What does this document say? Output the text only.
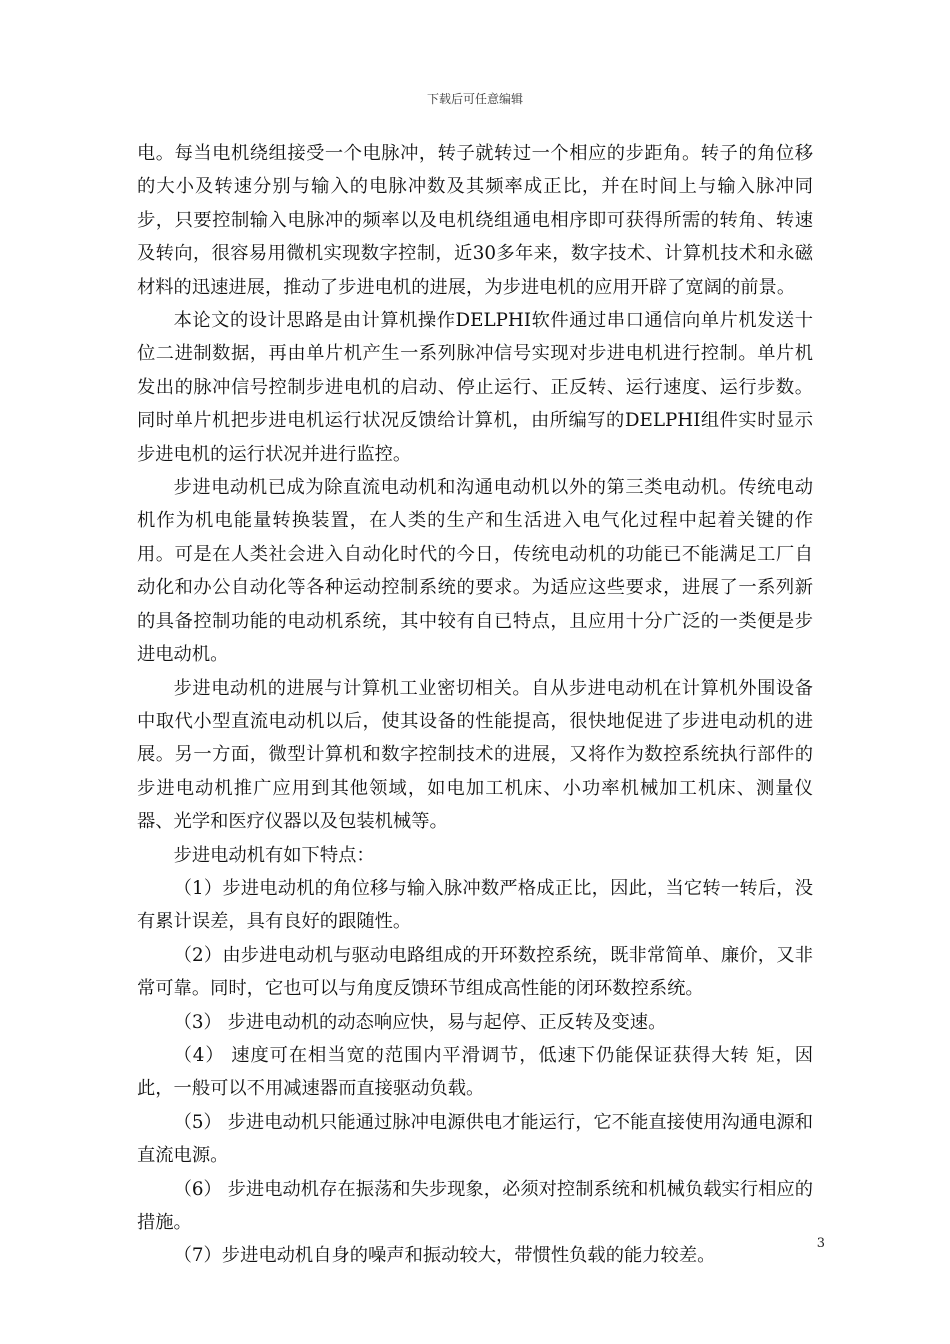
下载后可任意编辑

电。每当电机绕组接受一个电脉冲，转子就转过一个相应的步距角。转子的角位移的大小及转速分别与输入的电脉冲数及其频率成正比，并在时间上与输入脉冲同步，只要控制输入电脉冲的频率以及电机绕组通电相序即可获得所需的转角、转速及转向，很容易用微机实现数字控制，近30多年来，数字技术、计算机技术和永磁材料的迅速进展，推动了步进电机的进展，为步进电机的应用开辟了宽阔的前景。

本论文的设计思路是由计算机操作DELPHI软件通过串口通信向单片机发送十位二进制数据，再由单片机产生一系列脉冲信号实现对步进电机进行控制。单片机发出的脉冲信号控制步进电机的启动、停止运行、正反转、运行速度、运行步数。同时单片机把步进电机运行状况反馈给计算机，由所编写的DELPHI组件实时显示步进电机的运行状况并进行监控。

步进电动机已成为除直流电动机和沟通电动机以外的第三类电动机。传统电动机作为机电能量转换装置，在人类的生产和生活进入电气化过程中起着关键的作用。可是在人类社会进入自动化时代的今日，传统电动机的功能已不能满足工厂自动化和办公自动化等各种运动控制系统的要求。为适应这些要求，进展了一系列新的具备控制功能的电动机系统，其中较有自已特点，且应用十分广泛的一类便是步进电动机。

步进电动机的进展与计算机工业密切相关。自从步进电动机在计算机外围设备中取代小型直流电动机以后，使其设备的性能提高，很快地促进了步进电动机的进展。另一方面，微型计算机和数字控制技术的进展，又将作为数控系统执行部件的步进电动机推广应用到其他领域，如电加工机床、小功率机械加工机床、测量仪器、光学和医疗仪器以及包装机械等。

步进电动机有如下特点：

（1）步进电动机的角位移与输入脉冲数严格成正比，因此，当它转一转后，没有累计误差，具有良好的跟随性。

（2）由步进电动机与驱动电路组成的开环数控系统，既非常简单、廉价，又非常可靠。同时，它也可以与角度反馈环节组成高性能的闭环数控系统。

（3） 步进电动机的动态响应快，易与起停、正反转及变速。

（4） 速度可在相当宽的范围内平滑调节，低速下仍能保证获得大转 矩，因此，一般可以不用减速器而直接驱动负载。

（5） 步进电动机只能通过脉冲电源供电才能运行，它不能直接使用沟通电源和直流电源。

（6） 步进电动机存在振荡和失步现象，必须对控制系统和机械负载实行相应的措施。

（7）步进电动机自身的噪声和振动较大，带惯性负载的能力较差。

3
